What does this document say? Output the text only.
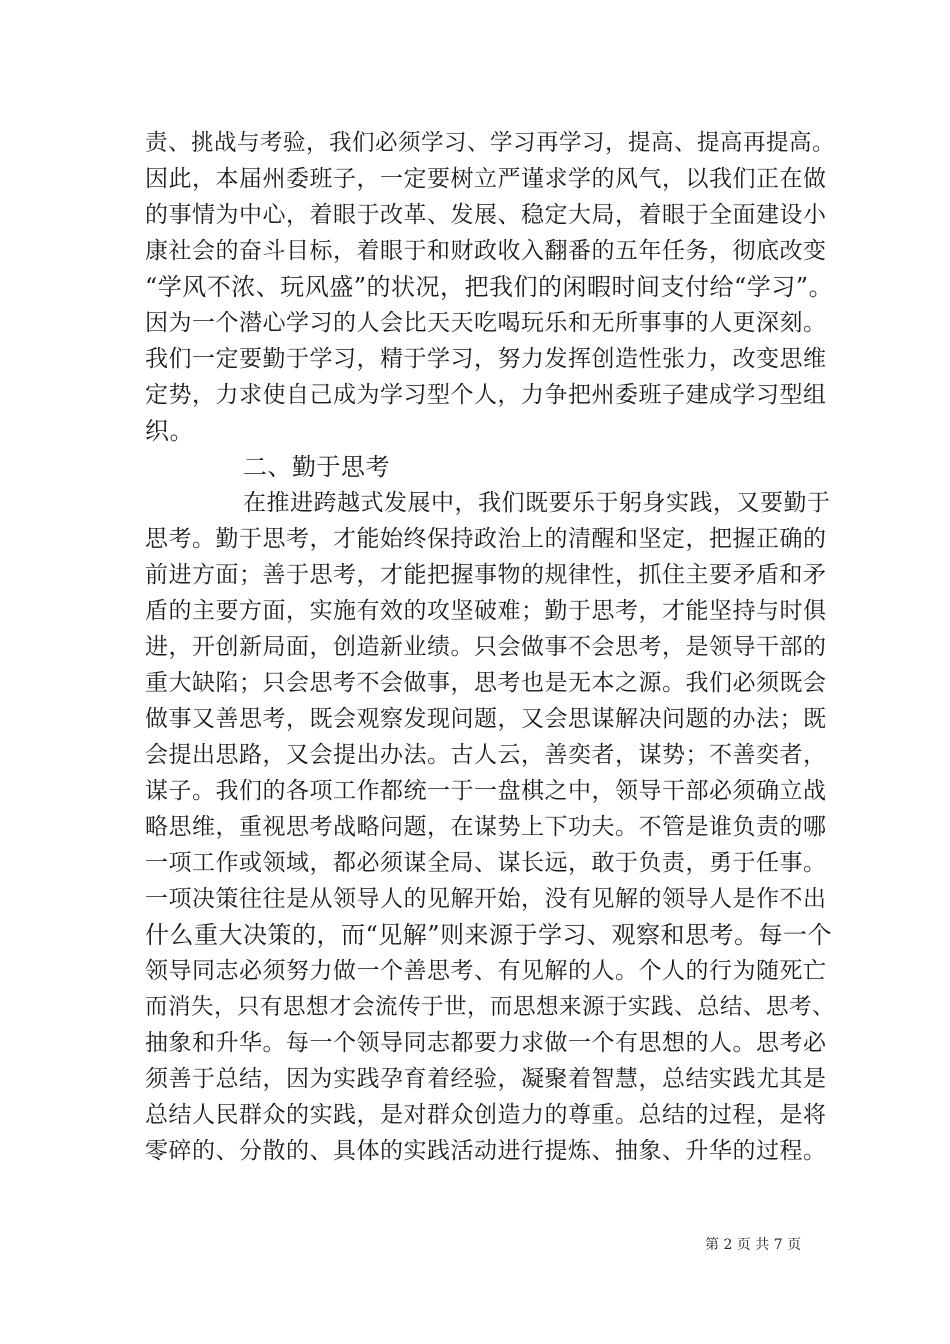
责、挑战与考验，我们必须学习、学习再学习，提高、提高再提高。
因此，本届州委班子，一定要树立严谨求学的风气，以我们正在做
的事情为中心，着眼于改革、发展、稳定大局，着眼于全面建设小
康社会的奋斗目标，着眼于和财政收入翻番的五年任务，彻底改变
“学风不浓、玩风盛”的状况，把我们的闲暇时间支付给“学习”。
因为一个潜心学习的人会比天天吃喝玩乐和无所事事的人更深刻。
我们一定要勤于学习，精于学习，努力发挥创造性张力，改变思维
定势，力求使自己成为学习型个人，力争把州委班子建成学习型组
织。
二、勤于思考
在推进跨越式发展中，我们既要乐于躬身实践，又要勤于
思考。勤于思考，才能始终保持政治上的清醒和坚定，把握正确的
前进方面；善于思考，才能把握事物的规律性，抓住主要矛盾和矛
盾的主要方面，实施有效的攻坚破难；勤于思考，才能坚持与时俱
进，开创新局面，创造新业绩。只会做事不会思考，是领导干部的
重大缺陷；只会思考不会做事，思考也是无本之源。我们必须既会
做事又善思考，既会观察发现问题，又会思谋解决问题的办法；既
会提出思路，又会提出办法。古人云，善奕者，谋势；不善奕者，
谋子。我们的各项工作都统一于一盘棋之中，领导干部必须确立战
略思维，重视思考战略问题，在谋势上下功夫。不管是谁负责的哪
一项工作或领域，都必须谋全局、谋长远，敢于负责，勇于任事。
一项决策往往是从领导人的见解开始，没有见解的领导人是作不出
什么重大决策的，而“见解”则来源于学习、观察和思考。每一个
领导同志必须努力做一个善思考、有见解的人。个人的行为随死亡
而消失，只有思想才会流传于世，而思想来源于实践、总结、思考、
抽象和升华。每一个领导同志都要力求做一个有思想的人。思考必
须善于总结，因为实践孕育着经验，凝聚着智慧，总结实践尤其是
总结人民群众的实践，是对群众创造力的尊重。总结的过程，是将
零碎的、分散的、具体的实践活动进行提炼、抽象、升华的过程。
第 2 页 共 7 页
